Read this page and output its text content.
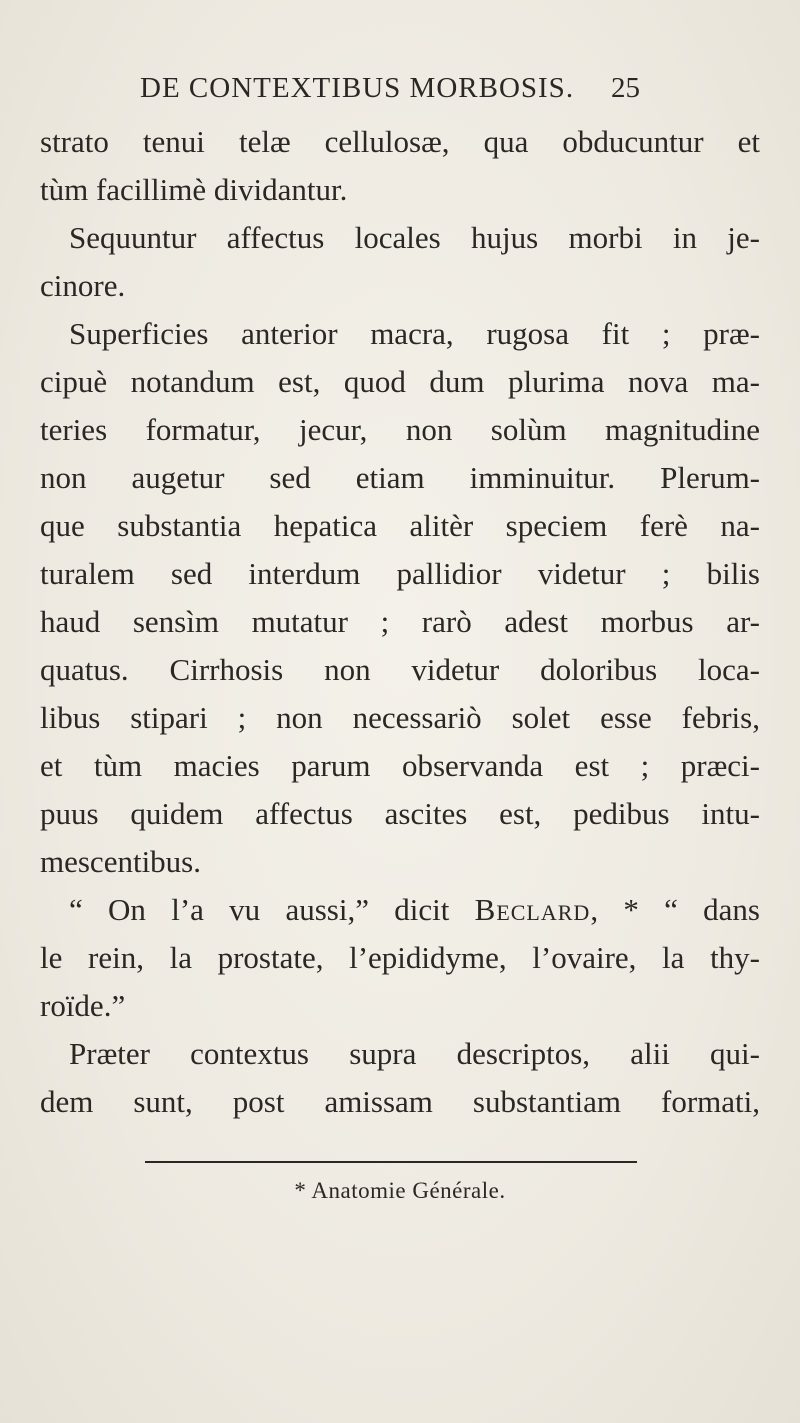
DE CONTEXTIBUS MORBOSIS. 25
strato tenui telæ cellulosæ, qua obducuntur et
tùm facillimè dividantur.
Sequuntur affectus locales hujus morbi in je-
cinore.
Superficies anterior macra, rugosa fit ; præ-
cipuè notandum est, quod dum plurima nova ma-
teries formatur, jecur, non solùm magnitudine
non augetur sed etiam imminuitur. Plerum-
que substantia hepatica alitèr speciem ferè na-
turalem sed interdum pallidior videtur ; bilis
haud sensìm mutatur ; rarò adest morbus ar-
quatus. Cirrhosis non videtur doloribus loca-
libus stipari ; non necessariò solet esse febris,
et tùm macies parum observanda est ; præci-
puus quidem affectus ascites est, pedibus intu-
mescentibus.
“ On l’a vu aussi,” dicit Beclard, * “ dans
le rein, la prostate, l’epididyme, l’ovaire, la thy-
roïde.”
Præter contextus supra descriptos, alii qui-
dem sunt, post amissam substantiam formati,
* Anatomie Générale.
